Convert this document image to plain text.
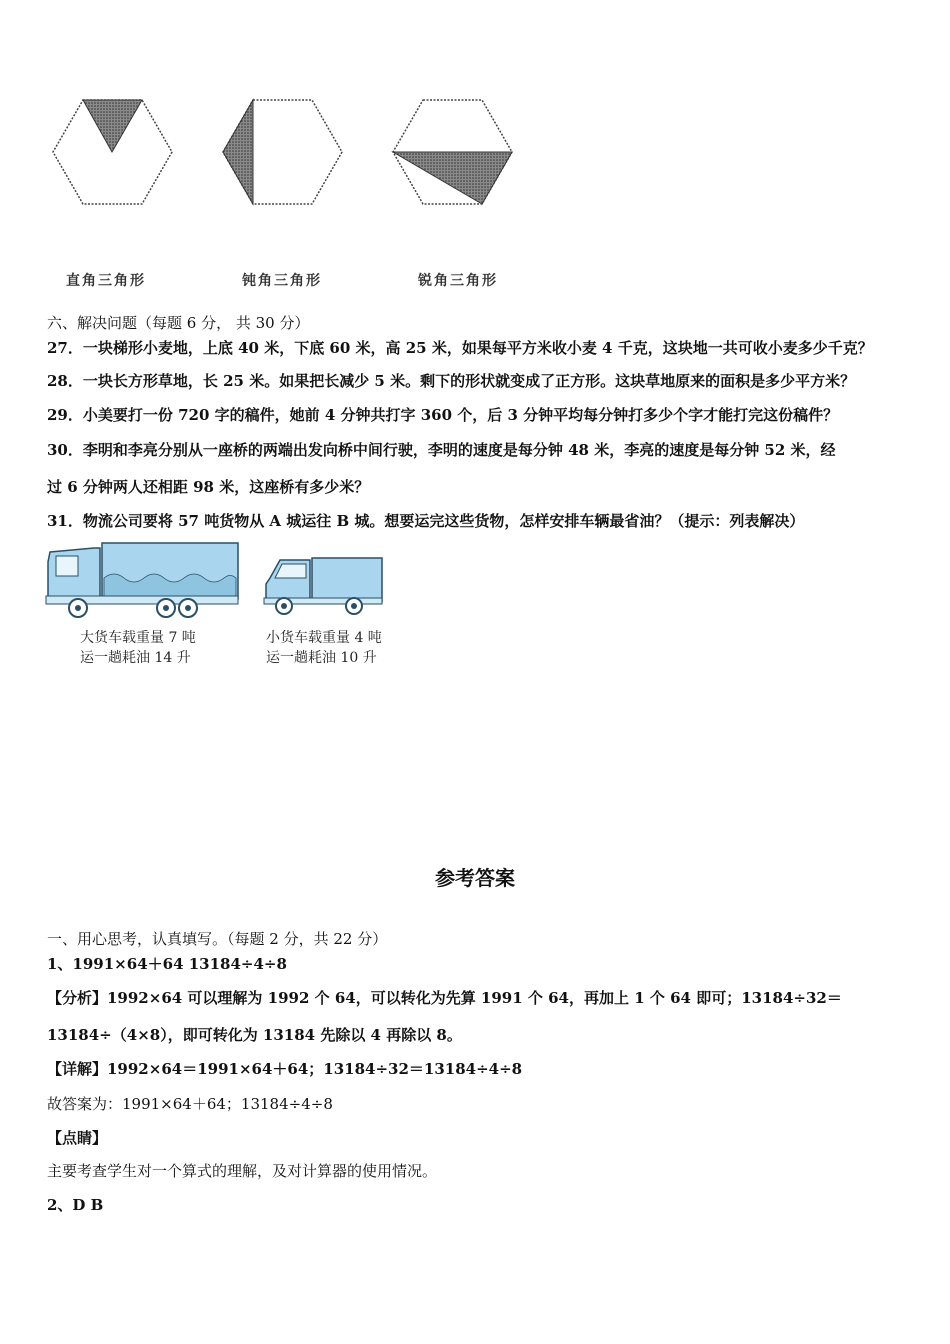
直角三角形	钝角三角形	锐角三角形
六、解决问题（每题 6 分， 共 30 分）
27．一块梯形小麦地，上底 40 米，下底 60 米，高 25 米，如果每平方米收小麦 4 千克，这块地一共可收小麦多少千克？
28．一块长方形草地，长 25 米。如果把长减少 5 米。剩下的形状就变成了正方形。这块草地原来的面积是多少平方米？
29．小美要打一份 720 字的稿件，她前 4 分钟共打字 360 个，后 3 分钟平均每分钟打多少个字才能打完这份稿件？
30．李明和李亮分别从一座桥的两端出发向桥中间行驶，李明的速度是每分钟 48 米，李亮的速度是每分钟 52 米，经
过 6 分钟两人还相距 98 米，这座桥有多少米？
31．物流公司要将 57 吨货物从 A 城运往 B 城。想要运完这些货物，怎样安排车辆最省油？（提示：列表解决）
大货车载重量 7 吨
运一趟耗油 14 升
小货车载重量 4 吨
运一趟耗油 10 升
参考答案
一、用心思考，认真填写。（每题 2 分，共 22 分）
1、1991×64＋64 13184÷4÷8
【分析】1992×64 可以理解为 1992 个 64，可以转化为先算 1991 个 64，再加上 1 个 64 即可；13184÷32＝
13184÷（4×8），即可转化为 13184 先除以 4 再除以 8。
【详解】1992×64＝1991×64＋64；13184÷32＝13184÷4÷8
故答案为：1991×64＋64；13184÷4÷8
【点睛】
主要考查学生对一个算式的理解，及对计算器的使用情况。
2、D B
